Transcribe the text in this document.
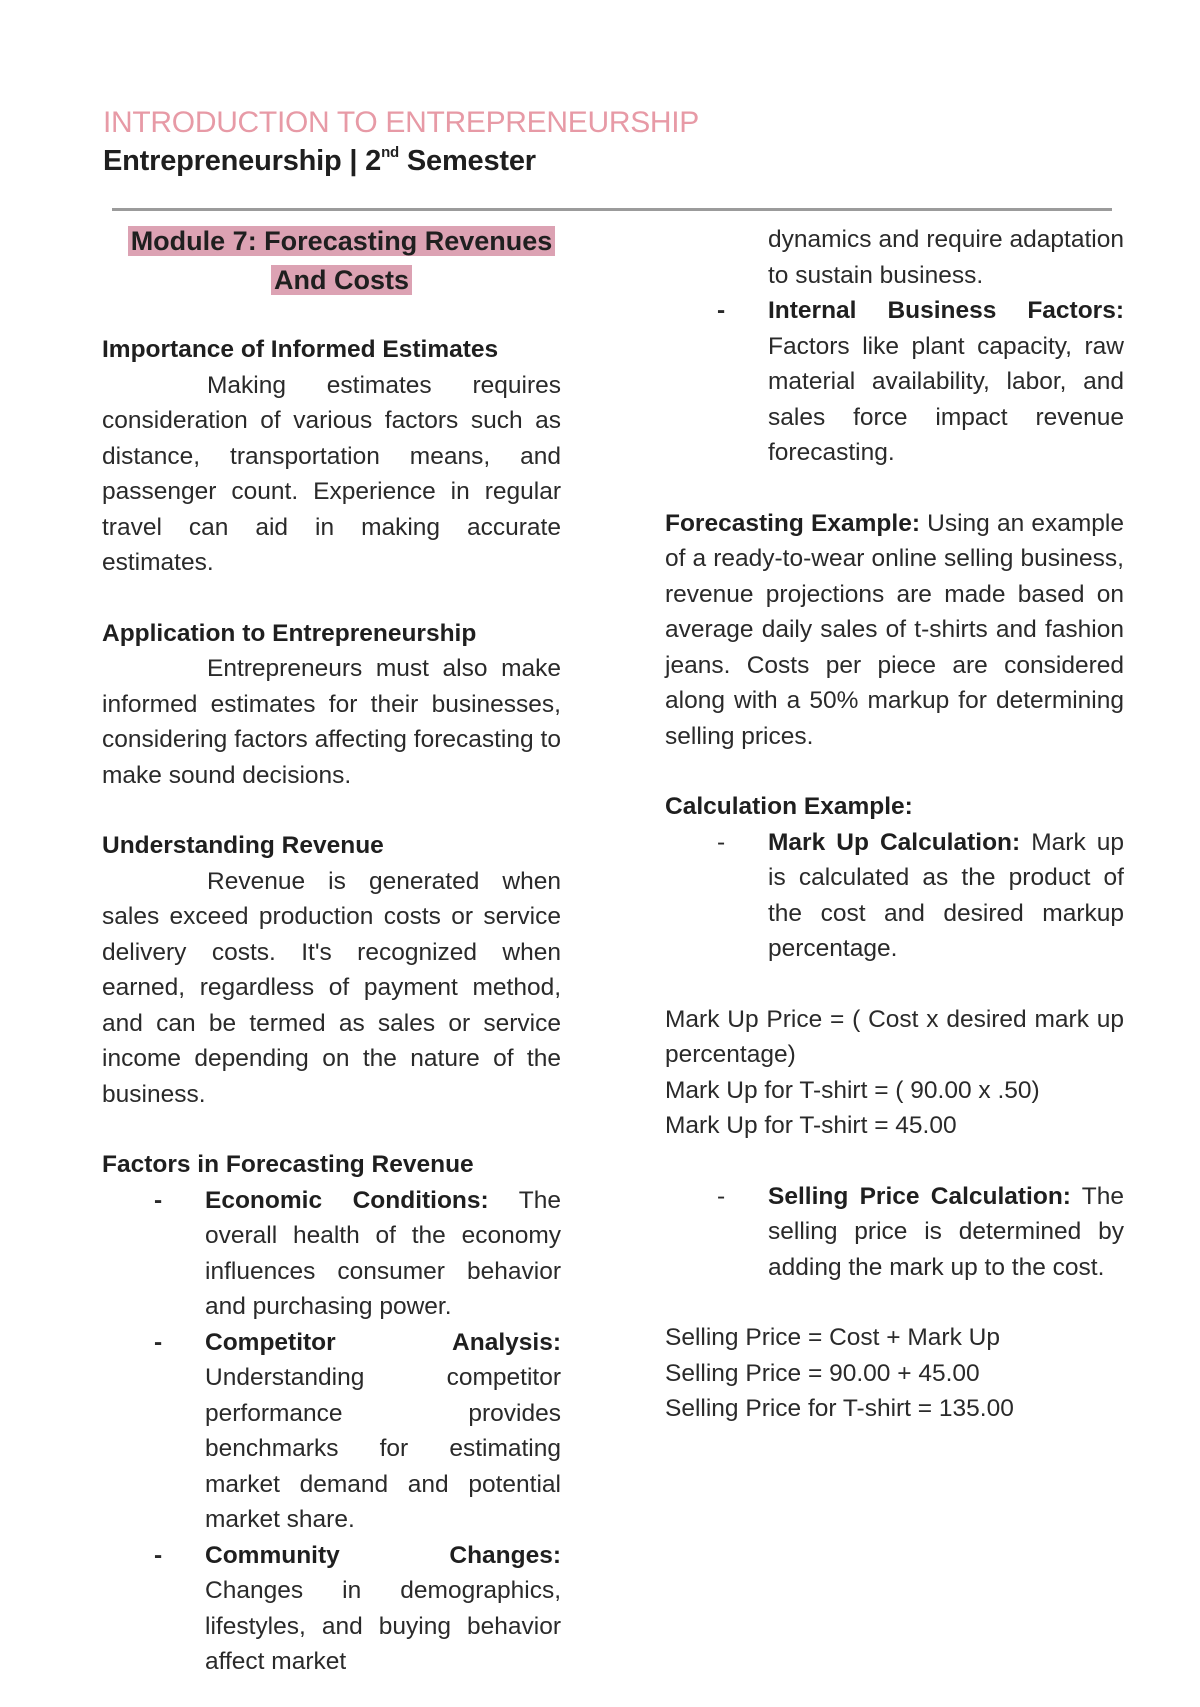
INTRODUCTION TO ENTREPRENEURSHIP
Entrepreneurship | 2nd Semester
Module 7: Forecasting Revenues
And Costs

Importance of Informed Estimates

Making estimates requires consideration of various factors such as distance, transportation means, and passenger count. Experience in regular travel can aid in making accurate estimates.

Application to Entrepreneurship

Entrepreneurs must also make informed estimates for their businesses, considering factors affecting forecasting to make sound decisions.

Understanding Revenue

Revenue is generated when sales exceed production costs or service delivery costs. It's recognized when earned, regardless of payment method, and can be termed as sales or service income depending on the nature of the business.

Factors in Forecasting Revenue

- Economic Conditions: The overall health of the economy influences consumer behavior and purchasing power.
- Competitor Analysis: Understanding competitor performance provides benchmarks for estimating market demand and potential market share.
- Community Changes: Changes in demographics, lifestyles, and buying behavior affect market
dynamics and require adaptation to sustain business.
- Internal Business Factors: Factors like plant capacity, raw material availability, labor, and sales force impact revenue forecasting.

Forecasting Example: Using an example of a ready-to-wear online selling business, revenue projections are made based on average daily sales of t-shirts and fashion jeans. Costs per piece are considered along with a 50% markup for determining selling prices.

Calculation Example:

- Mark Up Calculation: Mark up is calculated as the product of the cost and desired markup percentage.

Mark Up Price = ( Cost x desired mark up percentage)

Mark Up for T-shirt = ( 90.00 x .50)

Mark Up for T-shirt = 45.00

- Selling Price Calculation: The selling price is determined by adding the mark up to the cost.

Selling Price = Cost + Mark Up

Selling Price = 90.00 + 45.00

Selling Price for T-shirt = 135.00
